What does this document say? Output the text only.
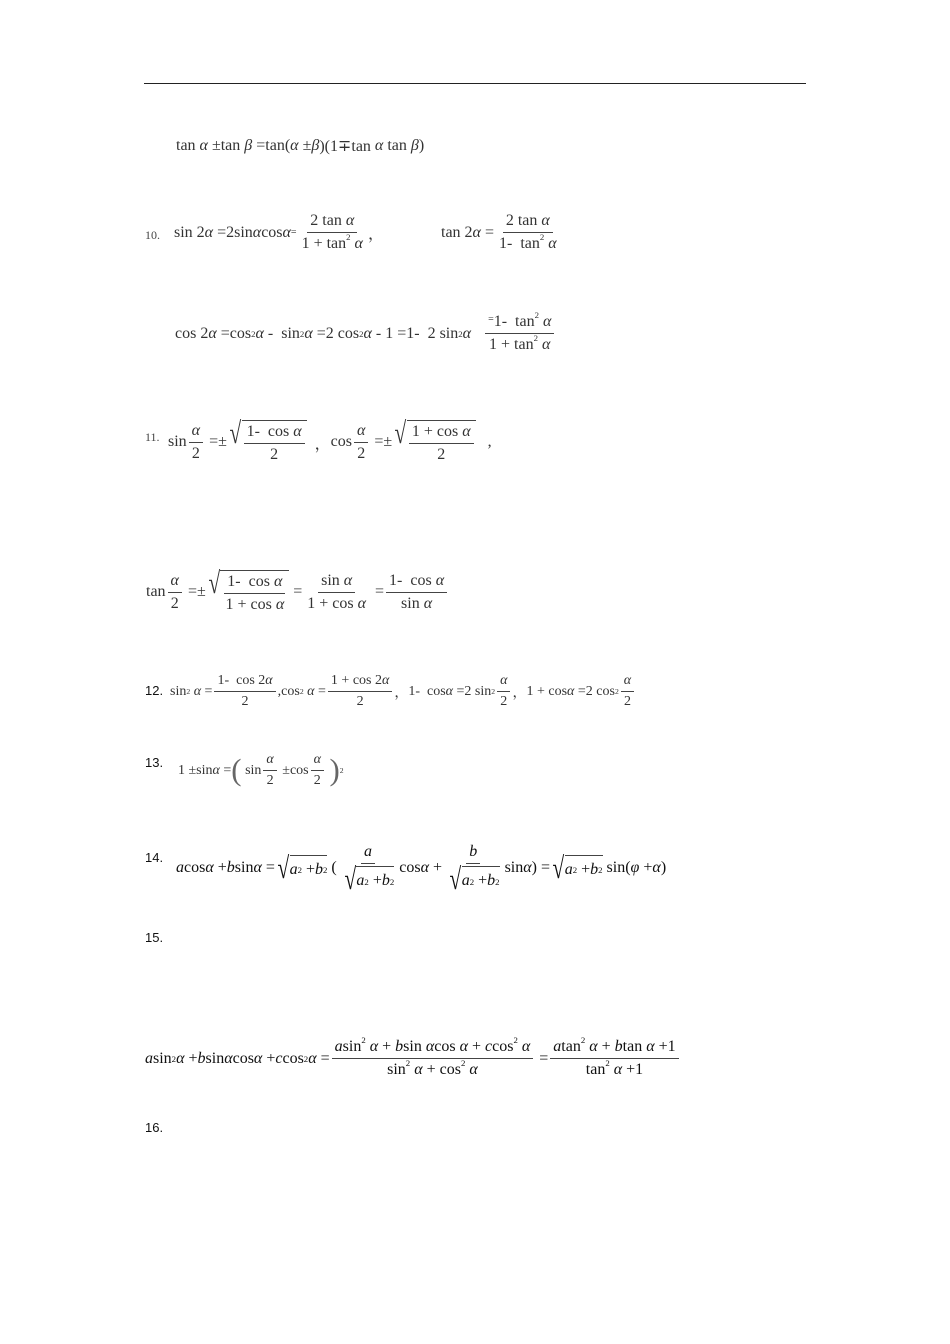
tan α ±tan β =tan( α ± β )(1∓tan α tan β )
10. sin 2 α =2sin α $\cos \alpha = \frac{\text{2 tan α}}{1 + \tan^2 \alpha}$ ，	tan 2 $\alpha = \frac{\text{2 tan α}}{1- \tan^2 \alpha}$
cos 2 α =cos 2 α -  sin 2 α =2 cos 2 α - 1 =1-  2 sin 2 α $\frac{^=1- \tan^2 \alpha}{1 + \tan^2 \alpha}$
11. $\sin \frac{\alpha}{2}$ =± √ $\frac{\text{1-  cos α}}{2}$
， $\cos \frac{\alpha}{2}$ =± √ $\frac{\text{1 + cos α}}{2}$
,
$\tan \frac{\alpha}{2}$ =± √ $\frac{\text{1-  cos α}}{\text{1 + cos α}} = \frac{\text{sin α}}{\text{1 + cos α}} = \frac{\text{1-  cos α}}{\text{sin α}}$
12. sin 2 $\alpha = \frac{1- \cos 2\alpha}{2} ,\cos$ 2 $\alpha = \frac{1 + \cos 2\alpha}{2}$ ， 1-  cos α =2 $\sin 2 \frac{\alpha}{2}$ ， 1 + cos α =2 $\cos 2 \frac{\alpha}{2}$
13.
1 ±sin α = ( $\sin \frac{\alpha}{2} \pm\cos \frac{\alpha}{2}$
) 2
14.
a cos α + b sin α = √ a 2 + b 2 ( $\frac{a}{√ a 2 + b 2}$ $\cos \alpha + \frac{b}{√ a 2 + b 2}$ sin α ) = √ a 2 + b 2 sin( φ + α )
15.
a sin 2 α + b sin α cos α + c cos 2 $\alpha = \frac{asin^2 \alpha + bsin \alpha\cos \alpha + ccos^2 \alpha}{\sin^2 \alpha + \cos^2 \alpha} = \frac{atan^2 \alpha + btan \alpha +1}{\tan^2 \alpha +1}$
16.
